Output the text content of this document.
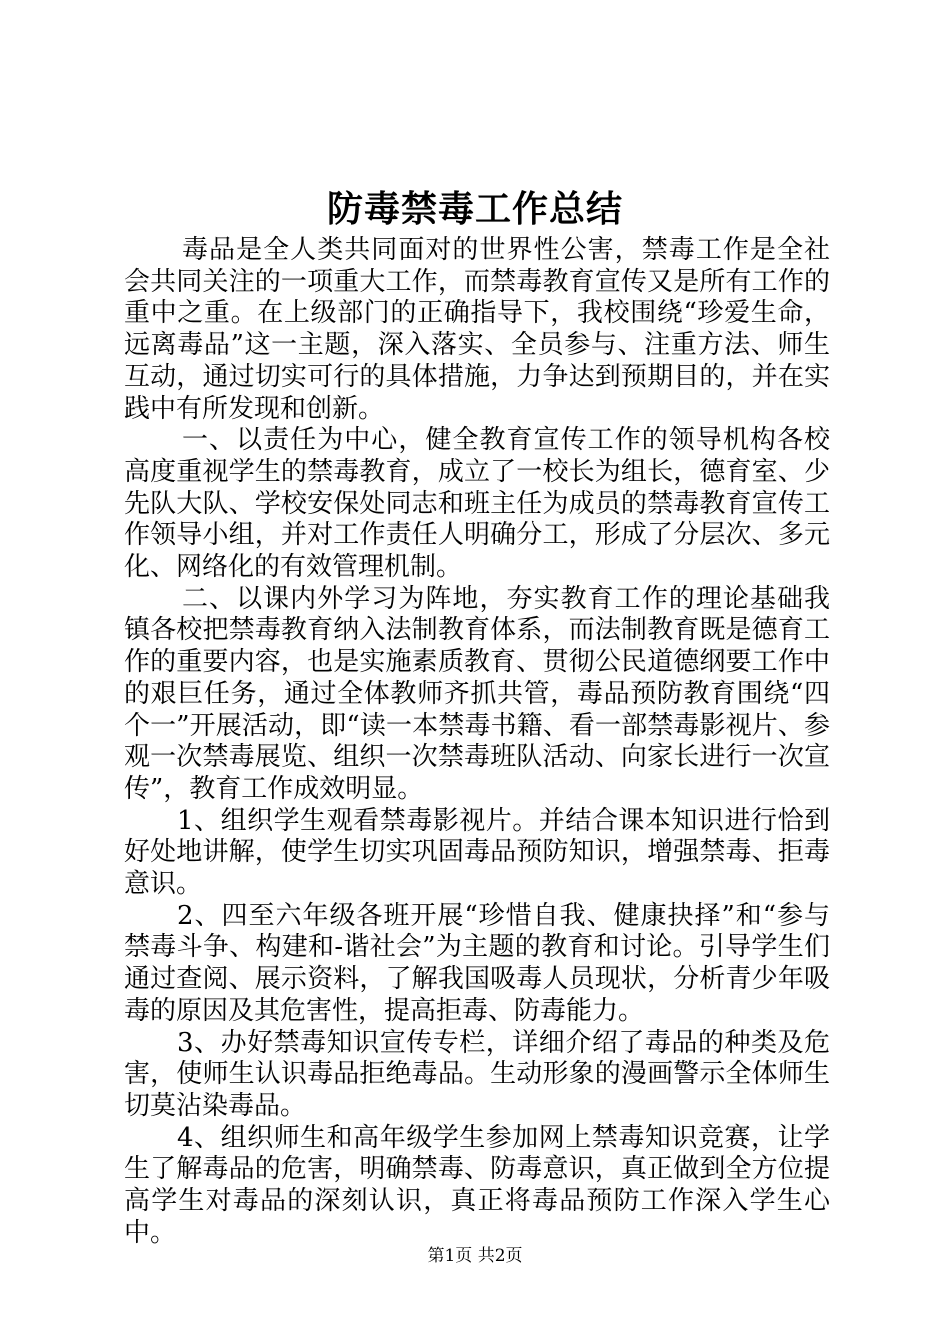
防毒禁毒工作总结

毒品是全人类共同面对的世界性公害，禁毒工作是全社会共同关注的一项重大工作，而禁毒教育宣传又是所有工作的重中之重。在上级部门的正确指导下，我校围绕“珍爱生命，远离毒品”这一主题，深入落实、全员参与、注重方法、师生互动，通过切实可行的具体措施，力争达到预期目的，并在实践中有所发现和创新。

一、以责任为中心，健全教育宣传工作的领导机构各校高度重视学生的禁毒教育，成立了一校长为组长，德育室、少先队大队、学校安保处同志和班主任为成员的禁毒教育宣传工作领导小组，并对工作责任人明确分工，形成了分层次、多元化、网络化的有效管理机制。

二、以课内外学习为阵地，夯实教育工作的理论基础我镇各校把禁毒教育纳入法制教育体系，而法制教育既是德育工作的重要内容，也是实施素质教育、贯彻公民道德纲要工作中的艰巨任务，通过全体教师齐抓共管，毒品预防教育围绕“四个一”开展活动，即“读一本禁毒书籍、看一部禁毒影视片、参观一次禁毒展览、组织一次禁毒班队活动、向家长进行一次宣传”，教育工作成效明显。

1、组织学生观看禁毒影视片。并结合课本知识进行恰到好处地讲解，使学生切实巩固毒品预防知识，增强禁毒、拒毒意识。

2、四至六年级各班开展“珍惜自我、健康抉择”和“参与禁毒斗争、构建和-谐社会”为主题的教育和讨论。引导学生们通过查阅、展示资料，了解我国吸毒人员现状，分析青少年吸毒的原因及其危害性，提高拒毒、防毒能力。

3、办好禁毒知识宣传专栏，详细介绍了毒品的种类及危害，使师生认识毒品拒绝毒品。生动形象的漫画警示全体师生切莫沾染毒品。

4、组织师生和高年级学生参加网上禁毒知识竞赛，让学生了解毒品的危害，明确禁毒、防毒意识，真正做到全方位提高学生对毒品的深刻认识，真正将毒品预防工作深入学生心中。

第1页 共2页
